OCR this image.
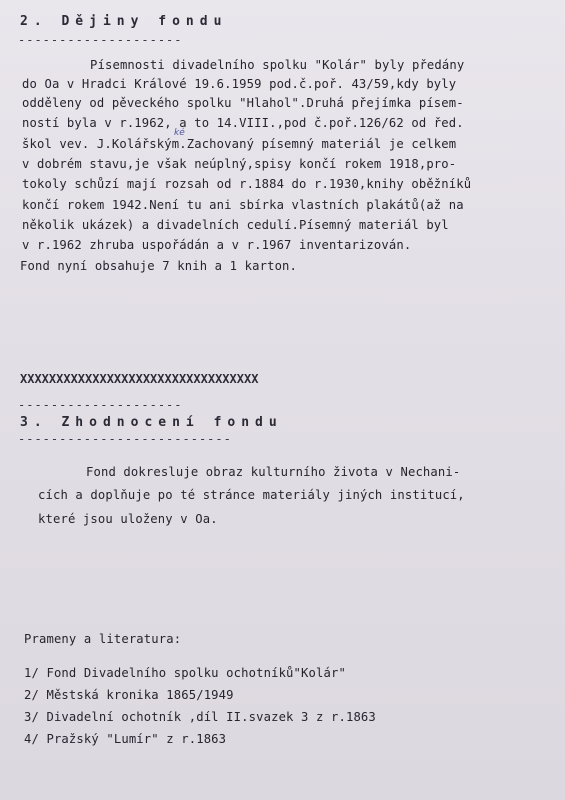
2. Dějiny fondu
--------------------
Písemnosti divadelního spolku "Kolár" byly předány
do Oa v Hradci Králové 19.6.1959 pod.č.poř. 43/59,kdy byly
odděleny od pěveckého spolku "Hlahol".Druhá přejímka písem-
ností byla v r.1962, a to 14.VIII.,pod č.poř.126/62 od řed.
ké
škol vev. J.Kolářským.Zachovaný písemný materiál je celkem
v dobrém stavu,je však neúplný,spisy končí rokem 1918,pro-
tokoly schůzí mají rozsah od r.1884 do r.1930,knihy oběžníků
končí rokem 1942.Není tu ani sbírka vlastních plakátů(až na
několik ukázek) a divadelních cedulí.Písemný materiál byl
v r.1962 zhruba uspořádán a v r.1967 inventarizován.
Fond nyní obsahuje 7 knih a 1 karton.
XXXXXXXXXXXXXXXXXXXXXXXXXXXXXXXXX
--------------------
3. Zhodnocení fondu
--------------------------
Fond dokresluje obraz kulturního života v Nechani-
cích a doplňuje po té stránce materiály jiných institucí,
které jsou uloženy v Oa.
Prameny a literatura:
1/ Fond Divadelního spolku ochotníků"Kolár"
2/ Městská kronika 1865/1949
3/ Divadelní ochotník ,díl II.svazek 3 z r.1863
4/ Pražský "Lumír" z r.1863
